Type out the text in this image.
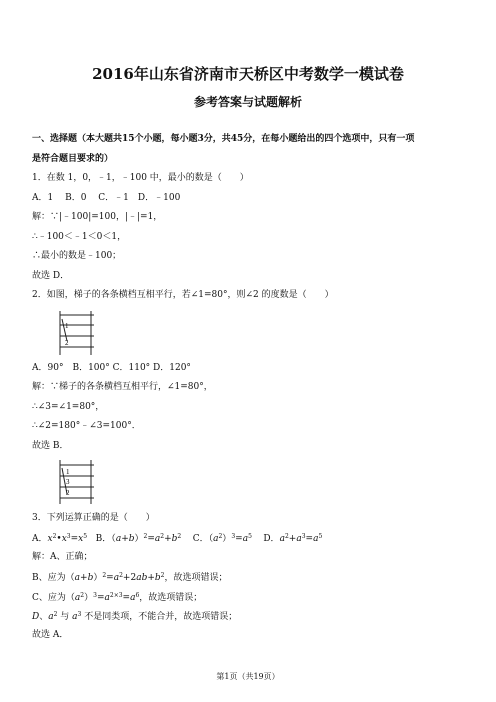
2016年山东省济南市天桥区中考数学一模试卷
参考答案与试题解析
一、选择题（本大题共15个小题，每小题3分，共45分，在每小题给出的四个选项中，只有一项
是符合题目要求的）
1．在数 1，0，﹣1，﹣100 中，最小的数是（　　）
A．1　 B．0　 C．﹣1　D．﹣100
解：∵|﹣100|=100，|﹣|=1，
∴﹣100＜﹣1＜0＜1，
∴最小的数是﹣100；
故选 D．
2．如图，梯子的各条横档互相平行，若∠1=80°，则∠2 的度数是（　　）
1
2
A．90°　B．100° C．110° D．120°
解：∵梯子的各条横档互相平行，∠1=80°，
∴∠3=∠1=80°，
∴∠2=180°﹣∠3=100°．
故选 B．
1
3
2
3．下列运算正确的是（　　）
A．$x^2•x^3=x^5$ B．$(a+b)^2=a^2+b^2$ C．$(a^2)^3=a^5$ D．$a^2+a^3=a^5$
解：A、正确；
B、应为$(a+b)^2=a^2+2ab+b^2$，故选项错误；
C、应为$(a^2)^3=a^{2\times 3}=a^6$，故选项错误；
D、$a^2$ 与 $a^3$ 不是同类项，不能合并，故选项错误；
故选 A．
第1页（共19页）
